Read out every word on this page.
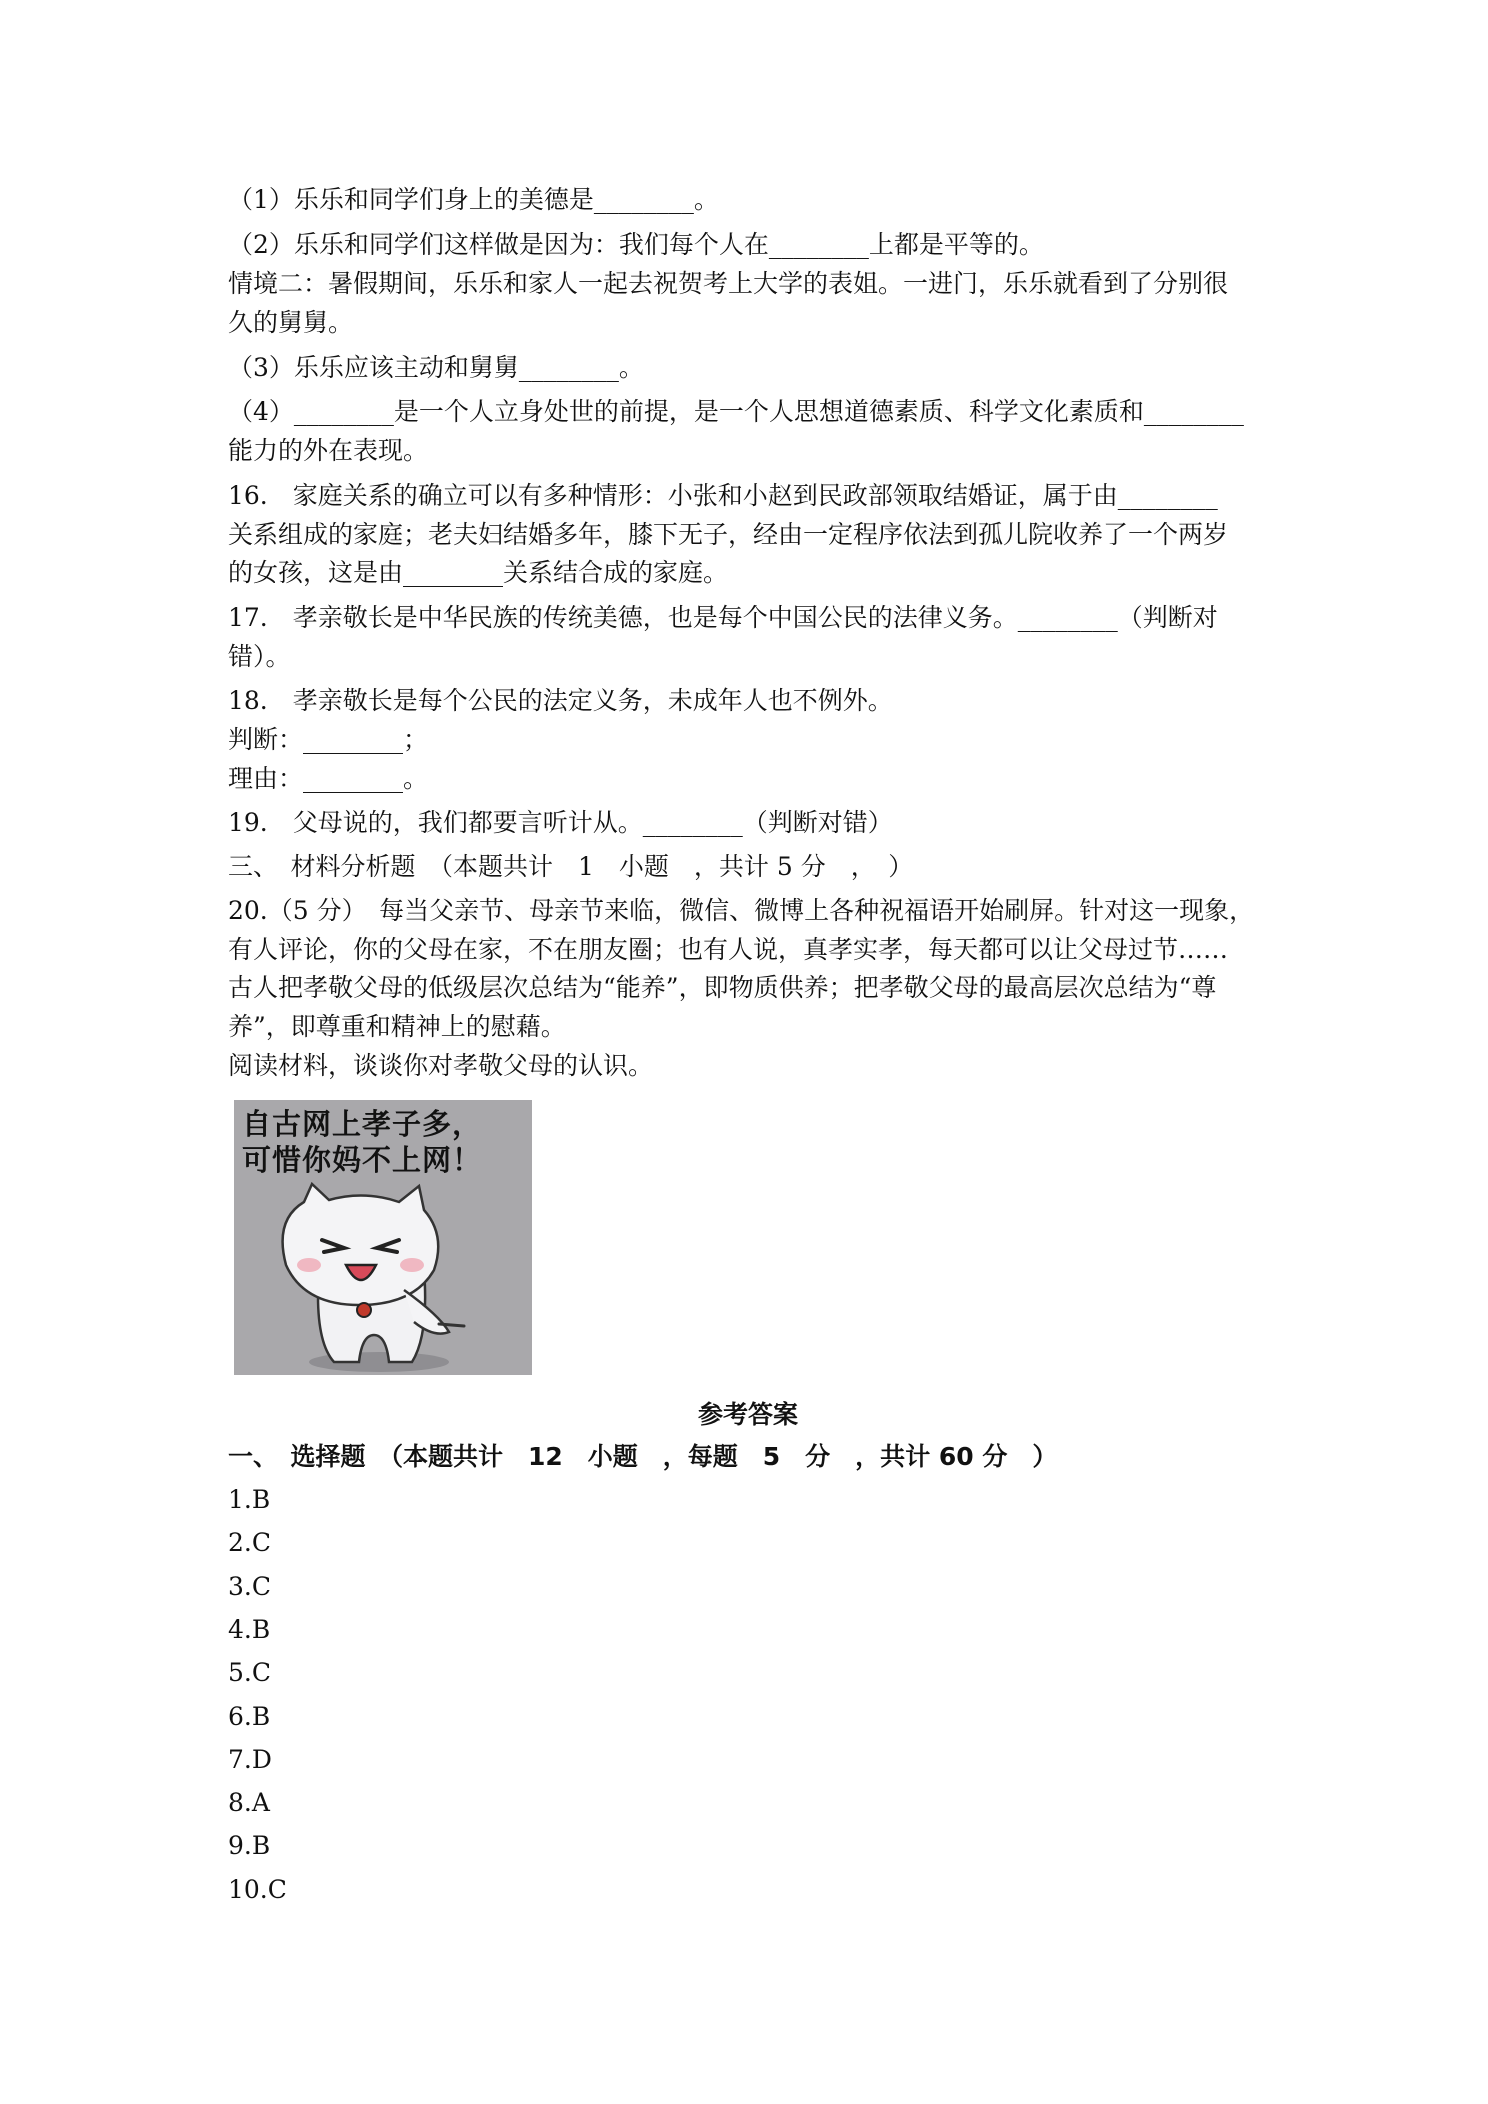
（1）乐乐和同学们身上的美德是________。
（2）乐乐和同学们这样做是因为：我们每个人在________上都是平等的。
情境二：暑假期间，乐乐和家人一起去祝贺考上大学的表姐。一进门，乐乐就看到了分别很
久的舅舅。
（3）乐乐应该主动和舅舅________。
（4）________是一个人立身处世的前提，是一个人思想道德素质、科学文化素质和________
能力的外在表现。
16.　家庭关系的确立可以有多种情形：小张和小赵到民政部领取结婚证，属于由________
关系组成的家庭；老夫妇结婚多年，膝下无子，经由一定程序依法到孤儿院收养了一个两岁
的女孩，这是由________关系结合成的家庭。
17.　孝亲敬长是中华民族的传统美德，也是每个中国公民的法律义务。________（判断对
错）。
18.　孝亲敬长是每个公民的法定义务，未成年人也不例外。
判断：________；
理由：________。
19.　父母说的，我们都要言听计从。________（判断对错）
三、　材料分析题　（本题共计　1　小题　，共计 5 分　，　）
20.（5 分）　每当父亲节、母亲节来临，微信、微博上各种祝福语开始刷屏。针对这一现象，
有人评论，你的父母在家，不在朋友圈；也有人说，真孝实孝，每天都可以让父母过节……
古人把孝敬父母的低级层次总结为“能养”，即物质供养；把孝敬父母的最高层次总结为“尊
养”，即尊重和精神上的慰藉。
阅读材料，谈谈你对孝敬父母的认识。
自古网上孝子多，
可惜你妈不上网！
参考答案
一、　选择题　（本题共计　12　小题　，每题　5　分　，共计 60 分　）
1.B
2.C
3.C
4.B
5.C
6.B
7.D
8.A
9.B
10.C
